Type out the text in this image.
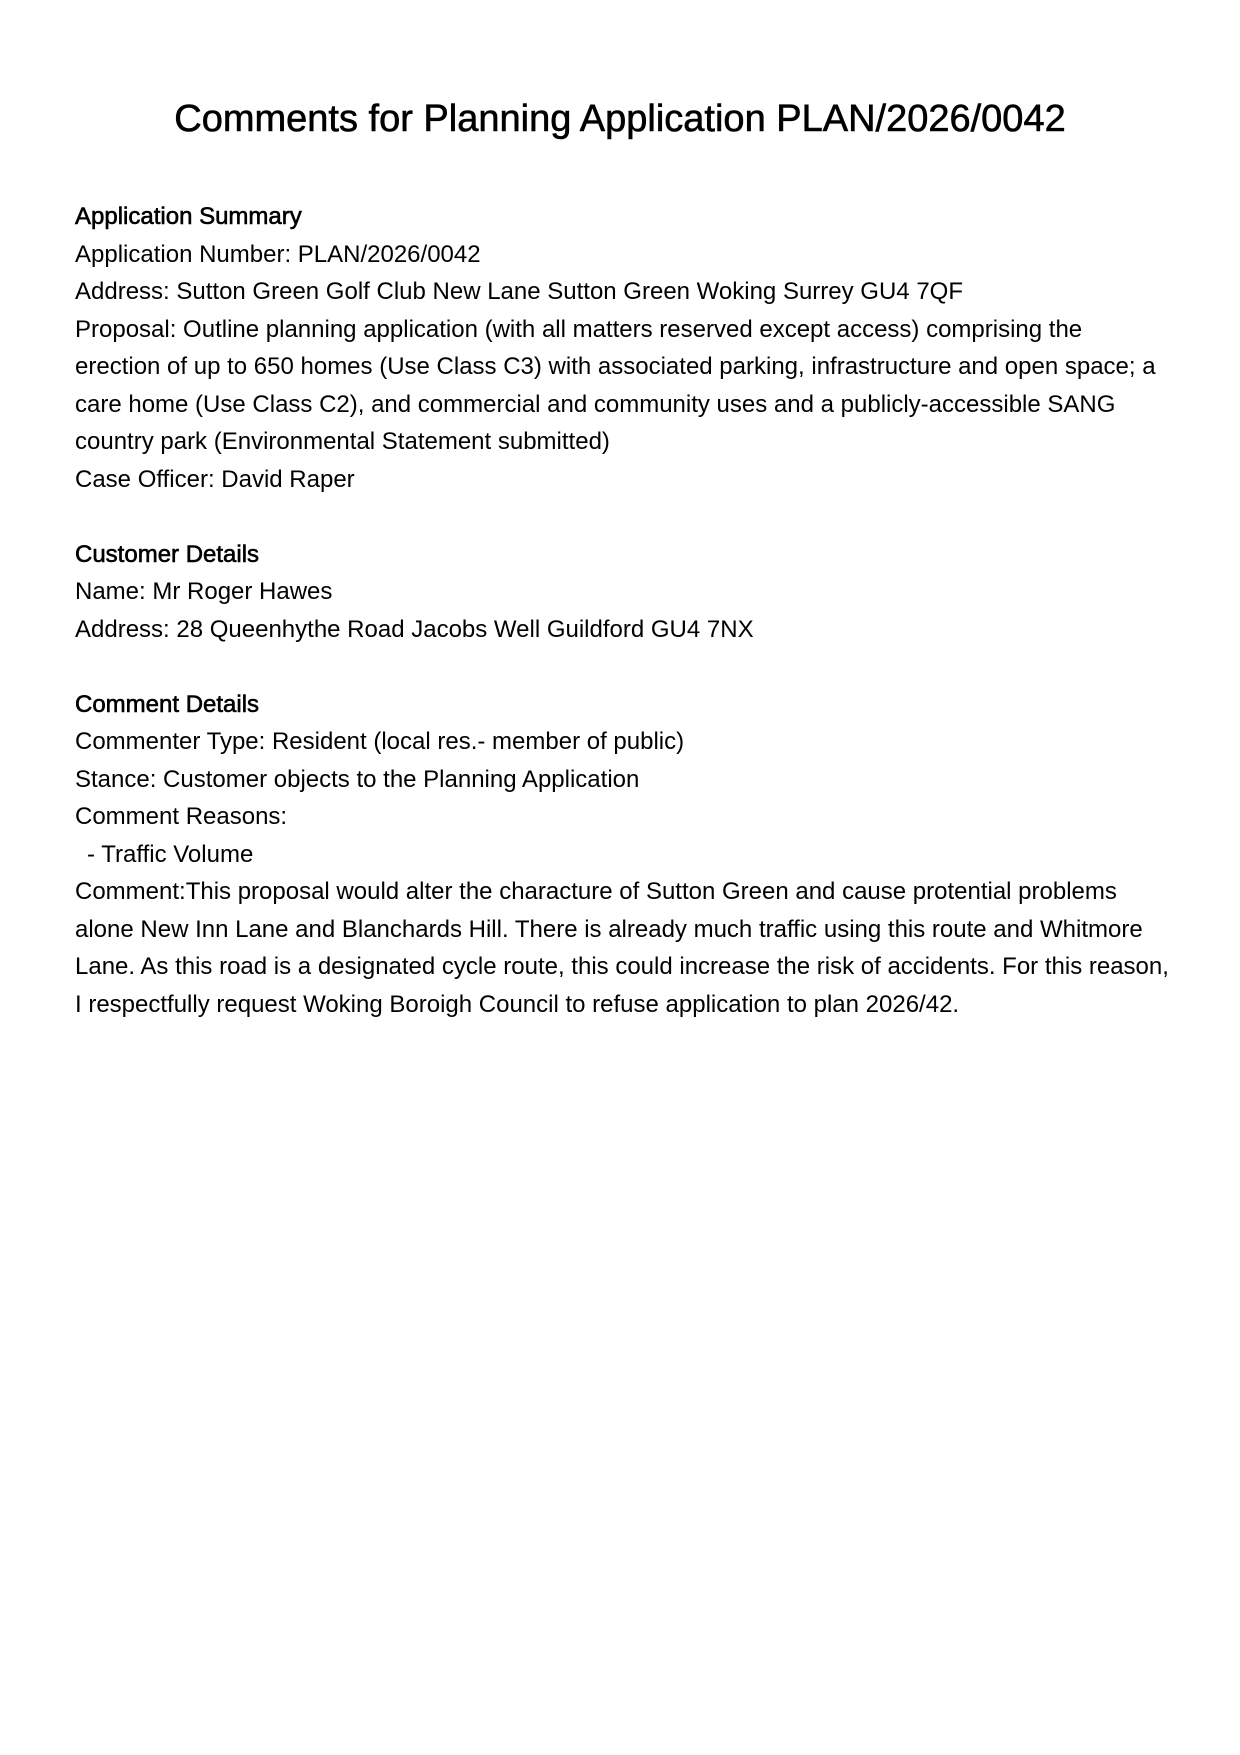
Comments for Planning Application PLAN/2026/0042

Application Summary

Application Number: PLAN/2026/0042

Address: Sutton Green Golf Club New Lane Sutton Green Woking Surrey GU4 7QF

Proposal: Outline planning application (with all matters reserved except access) comprising the erection of up to 650 homes (Use Class C3) with associated parking, infrastructure and open space; a care home (Use Class C2), and commercial and community uses and a publicly-accessible SANG country park (Environmental Statement submitted)

Case Officer: David Raper

Customer Details

Name: Mr Roger Hawes

Address: 28 Queenhythe Road Jacobs Well Guildford GU4 7NX

Comment Details

Commenter Type: Resident (local res.- member of public)

Stance: Customer objects to the Planning Application

Comment Reasons:

- Traffic Volume

Comment:This proposal would alter the characture of Sutton Green and cause protential problems alone New Inn Lane and Blanchards Hill. There is already much traffic using this route and Whitmore Lane. As this road is a designated cycle route, this could increase the risk of accidents. For this reason, I respectfully request Woking Boroigh Council to refuse application to plan 2026/42.
